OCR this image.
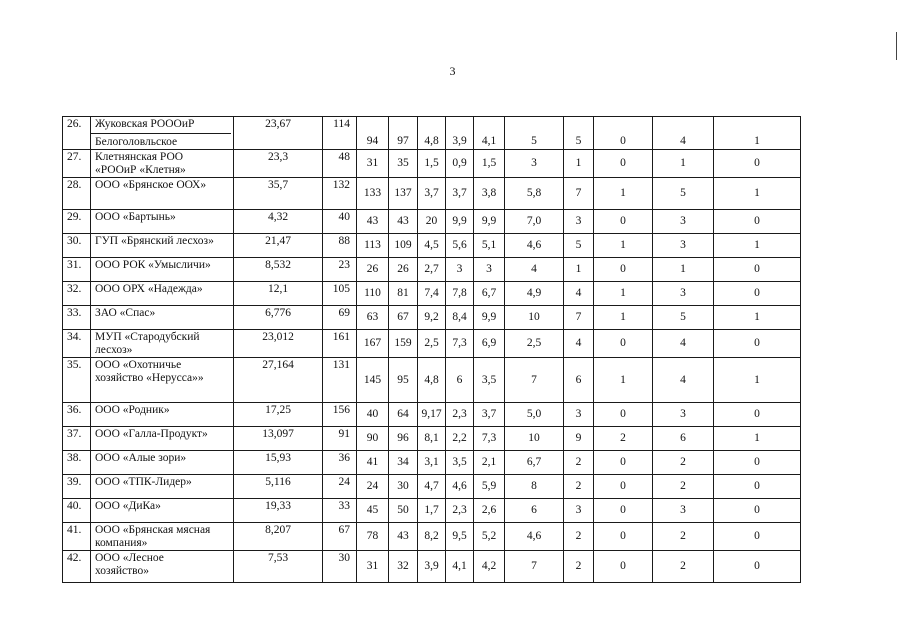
3
26.	Жуковская РОООиР
Белоголовльское	23,67	114	94	97	4,8	3,9	4,1	5	5	0	4	1
27.	Клетнянская РОО
«РООиР «Клетня»	23,3	48	31	35	1,5	0,9	1,5	3	1	0	1	0
28.	ООО «Брянское ООХ»	35,7	132	133	137	3,7	3,7	3,8	5,8	7	1	5	1
29.	ООО «Бартынь»	4,32	40	43	43	20	9,9	9,9	7,0	3	0	3	0
30.	ГУП «Брянский лесхоз»	21,47	88	113	109	4,5	5,6	5,1	4,6	5	1	3	1
31.	ООО РОК «Умысличи»	8,532	23	26	26	2,7	3	3	4	1	0	1	0
32.	ООО ОРХ «Надежда»	12,1	105	110	81	7,4	7,8	6,7	4,9	4	1	3	0
33.	ЗАО «Спас»	6,776	69	63	67	9,2	8,4	9,9	10	7	1	5	1
34.	МУП «Стародубский
лесхоз»	23,012	161	167	159	2,5	7,3	6,9	2,5	4	0	4	0
35.	ООО «Охотничье
хозяйство «Нерусса»»	27,164	131	145	95	4,8	6	3,5	7	6	1	4	1
36.	ООО «Родник»	17,25	156	40	64	9,17	2,3	3,7	5,0	3	0	3	0
37.	ООО «Галла-Продукт»	13,097	91	90	96	8,1	2,2	7,3	10	9	2	6	1
38.	ООО «Алые зори»	15,93	36	41	34	3,1	3,5	2,1	6,7	2	0	2	0
39.	ООО «ТПК-Лидер»	5,116	24	24	30	4,7	4,6	5,9	8	2	0	2	0
40.	ООО «ДиКа»	19,33	33	45	50	1,7	2,3	2,6	6	3	0	3	0
41.	ООО «Брянская мясная
компания»	8,207	67	78	43	8,2	9,5	5,2	4,6	2	0	2	0
42.	ООО «Лесное
хозяйство»	7,53	30	31	32	3,9	4,1	4,2	7	2	0	2	0
